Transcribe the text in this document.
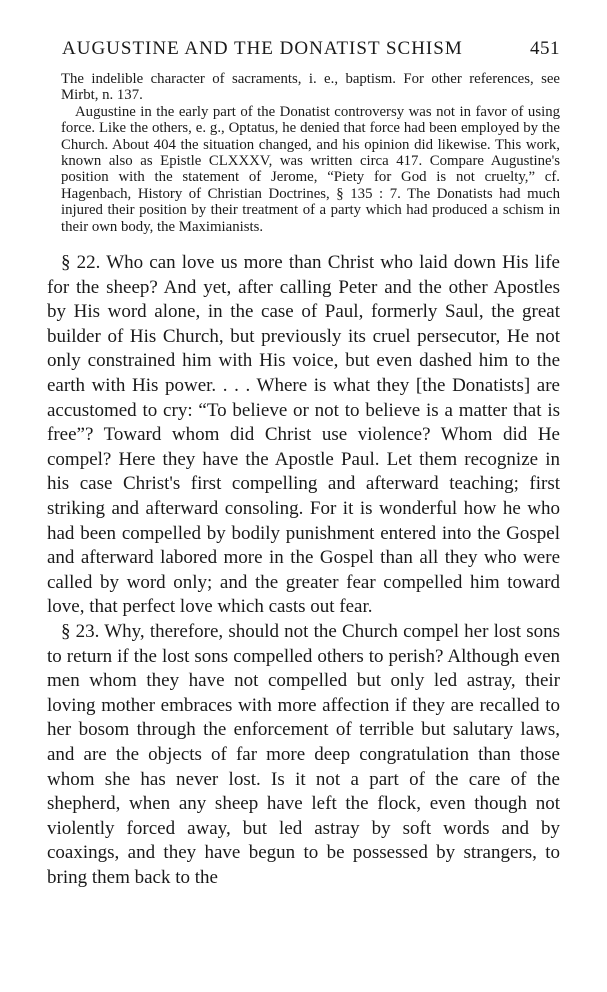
AUGUSTINE AND THE DONATIST SCHISM	451

The indelible character of sacraments, i. e., baptism. For other references, see Mirbt, n. 137.

Augustine in the early part of the Donatist controversy was not in favor of using force. Like the others, e. g., Optatus, he denied that force had been employed by the Church. About 404 the situation changed, and his opinion did likewise. This work, known also as Epistle CLXXXV, was written circa 417. Compare Augustine's position with the statement of Jerome, “Piety for God is not cruelty,” cf. Hagenbach, History of Christian Doctrines, § 135 : 7. The Donatists had much injured their position by their treatment of a party which had produced a schism in their own body, the Maximianists.

§ 22. Who can love us more than Christ who laid down His life for the sheep? And yet, after calling Peter and the other Apostles by His word alone, in the case of Paul, formerly Saul, the great builder of His Church, but previously its cruel persecutor, He not only constrained him with His voice, but even dashed him to the earth with His power. . . . Where is what they [the Donatists] are accustomed to cry: “To believe or not to believe is a matter that is free”? Toward whom did Christ use violence? Whom did He compel? Here they have the Apostle Paul. Let them recognize in his case Christ's first compelling and afterward teaching; first striking and afterward consoling. For it is wonderful how he who had been compelled by bodily punishment entered into the Gospel and afterward labored more in the Gospel than all they who were called by word only; and the greater fear compelled him toward love, that perfect love which casts out fear.

§ 23. Why, therefore, should not the Church compel her lost sons to return if the lost sons compelled others to perish? Although even men whom they have not compelled but only led astray, their loving mother embraces with more affection if they are recalled to her bosom through the enforcement of terrible but salutary laws, and are the objects of far more deep congratulation than those whom she has never lost. Is it not a part of the care of the shepherd, when any sheep have left the flock, even though not violently forced away, but led astray by soft words and by coaxings, and they have begun to be possessed by strangers, to bring them back to the
